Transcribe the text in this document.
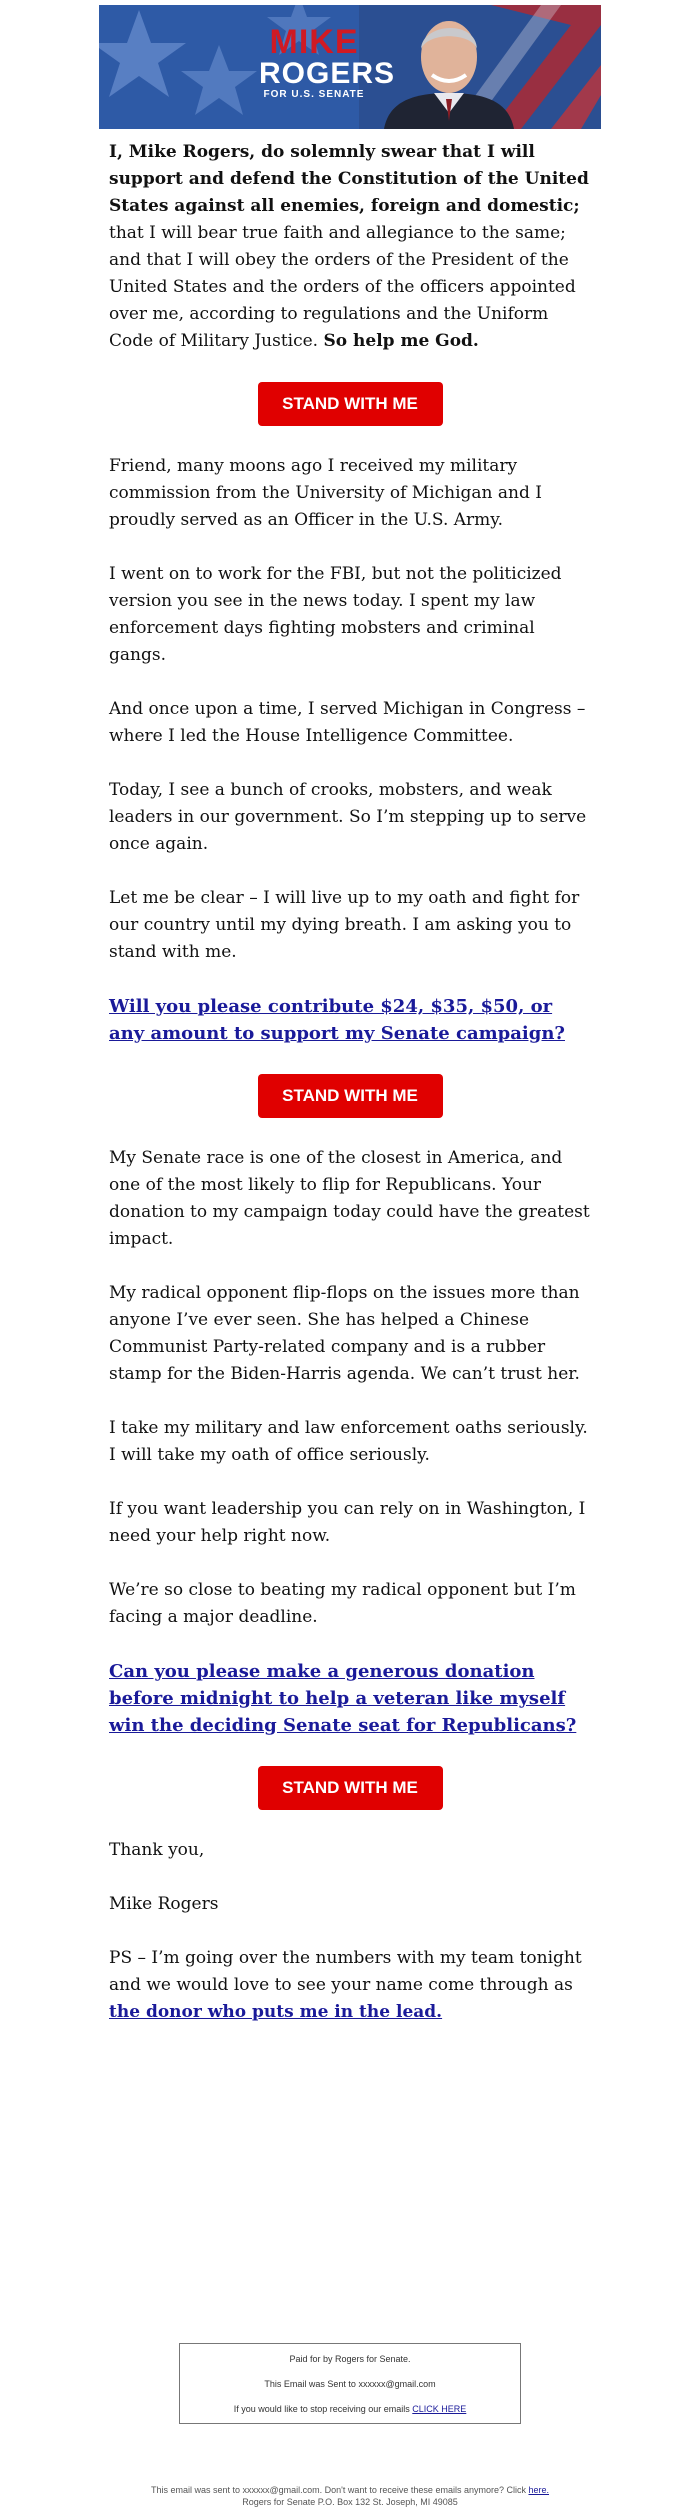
MIKE
ROGERS
FOR U.S. SENATE

I, Mike Rogers, do solemnly swear that I will support and defend the Constitution of the United States against all enemies, foreign and domestic; that I will bear true faith and allegiance to the same; and that I will obey the orders of the President of the United States and the orders of the officers appointed over me, according to regulations and the Uniform Code of Military Justice. So help me God.

STAND WITH ME

Friend, many moons ago I received my military commission from the University of Michigan and I proudly served as an Officer in the U.S. Army.

I went on to work for the FBI, but not the politicized version you see in the news today. I spent my law enforcement days fighting mobsters and criminal gangs.

And once upon a time, I served Michigan in Congress – where I led the House Intelligence Committee.

Today, I see a bunch of crooks, mobsters, and weak leaders in our government. So I’m stepping up to serve once again.

Let me be clear – I will live up to my oath and fight for our country until my dying breath. I am asking you to stand with me.

Will you please contribute $24, $35, $50, or any amount to support my Senate campaign?

STAND WITH ME

My Senate race is one of the closest in America, and one of the most likely to flip for Republicans. Your donation to my campaign today could have the greatest impact.

My radical opponent flip-flops on the issues more than anyone I’ve ever seen. She has helped a Chinese Communist Party-related company and is a rubber stamp for the Biden-Harris agenda. We can’t trust her.

I take my military and law enforcement oaths seriously. I will take my oath of office seriously.

If you want leadership you can rely on in Washington, I need your help right now.

We’re so close to beating my radical opponent but I’m facing a major deadline.

Can you please make a generous donation before midnight to help a veteran like myself win the deciding Senate seat for Republicans?

STAND WITH ME

Thank you,

Mike Rogers

PS – I’m going over the numbers with my team tonight and we would love to see your name come through as the donor who puts me in the lead.

Paid for by Rogers for Senate.
This Email was Sent to xxxxxx@gmail.com
If you would like to stop receiving our emails CLICK HERE
This email was sent to xxxxxx@gmail.com. Don't want to receive these emails anymore? Click here.
Rogers for Senate P.O. Box 132 St. Joseph, MI 49085
